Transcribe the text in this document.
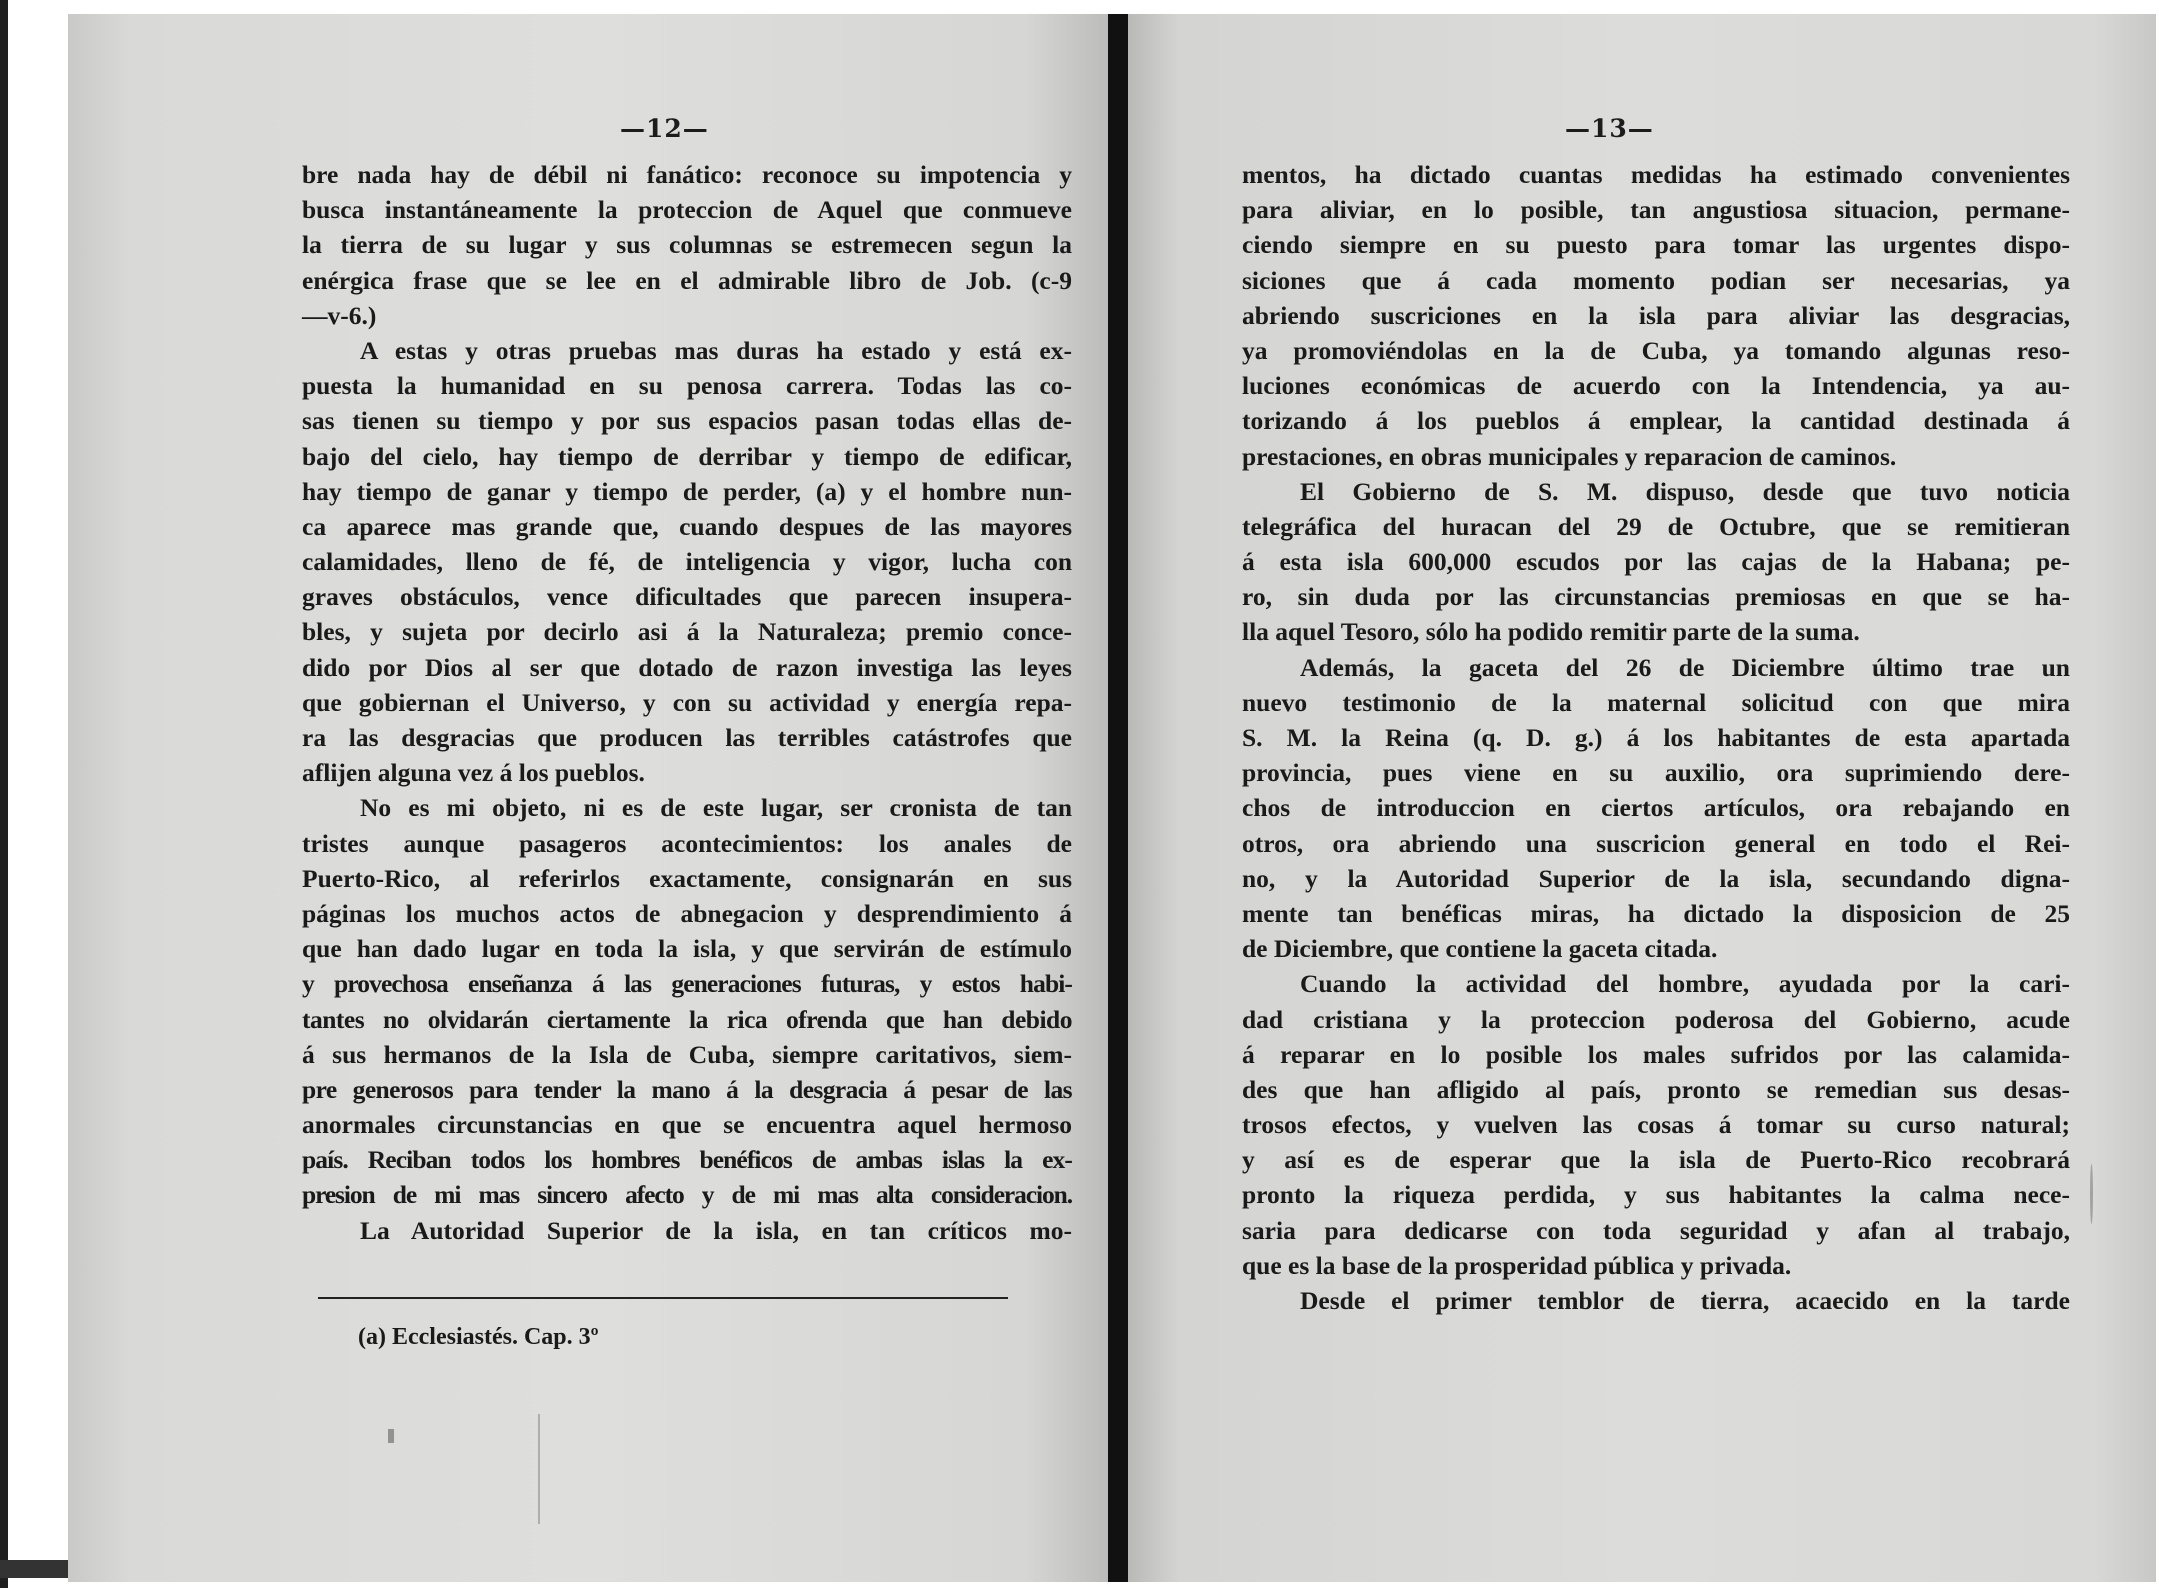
—12—
bre nada hay de débil ni fanático: reconoce su impotencia y
busca instantáneamente la proteccion de Aquel que conmueve
la tierra de su lugar y sus columnas se estremecen segun la
enérgica frase que se lee en el admirable libro de Job. (c-9
—v-6.)
A estas y otras pruebas mas duras ha estado y está ex-
puesta la humanidad en su penosa carrera. Todas las co-
sas tienen su tiempo y por sus espacios pasan todas ellas de-
bajo del cielo, hay tiempo de derribar y tiempo de edificar,
hay tiempo de ganar y tiempo de perder, (a) y el hombre nun-
ca aparece mas grande que, cuando despues de las mayores
calamidades, lleno de fé, de inteligencia y vigor, lucha con
graves obstáculos, vence dificultades que parecen insupera-
bles, y sujeta por decirlo asi á la Naturaleza; premio conce-
dido por Dios al ser que dotado de razon investiga las leyes
que gobiernan el Universo, y con su actividad y energía repa-
ra las desgracias que producen las terribles catástrofes que
aflijen alguna vez á los pueblos.
No es mi objeto, ni es de este lugar, ser cronista de tan
tristes aunque pasageros acontecimientos: los anales de
Puerto-Rico, al referirlos exactamente, consignarán en sus
páginas los muchos actos de abnegacion y desprendimiento á
que han dado lugar en toda la isla, y que servirán de estímulo
y provechosa enseñanza á las generaciones futuras, y estos habi-
tantes no olvidarán ciertamente la rica ofrenda que han debido
á sus hermanos de la Isla de Cuba, siempre caritativos, siem-
pre generosos para tender la mano á la desgracia á pesar de las
anormales circunstancias en que se encuentra aquel hermoso
país. Reciban todos los hombres benéficos de ambas islas la ex-
presion de mi mas sincero afecto y de mi mas alta consideracion.
La Autoridad Superior de la isla, en tan críticos mo-
(a) Ecclesiastés. Cap. 3º
—13—
mentos, ha dictado cuantas medidas ha estimado convenientes
para aliviar, en lo posible, tan angustiosa situacion, permane-
ciendo siempre en su puesto para tomar las urgentes dispo-
siciones que á cada momento podian ser necesarias, ya
abriendo suscriciones en la isla para aliviar las desgracias,
ya promoviéndolas en la de Cuba, ya tomando algunas reso-
luciones económicas de acuerdo con la Intendencia, ya au-
torizando á los pueblos á emplear, la cantidad destinada á
prestaciones, en obras municipales y reparacion de caminos.
El Gobierno de S. M. dispuso, desde que tuvo noticia
telegráfica del huracan del 29 de Octubre, que se remitieran
á esta isla 600,000 escudos por las cajas de la Habana; pe-
ro, sin duda por las circunstancias premiosas en que se ha-
lla aquel Tesoro, sólo ha podido remitir parte de la suma.
Además, la gaceta del 26 de Diciembre último trae un
nuevo testimonio de la maternal solicitud con que mira
S. M. la Reina (q. D. g.) á los habitantes de esta apartada
provincia, pues viene en su auxilio, ora suprimiendo dere-
chos de introduccion en ciertos artículos, ora rebajando en
otros, ora abriendo una suscricion general en todo el Rei-
no, y la Autoridad Superior de la isla, secundando digna-
mente tan benéficas miras, ha dictado la disposicion de 25
de Diciembre, que contiene la gaceta citada.
Cuando la actividad del hombre, ayudada por la cari-
dad cristiana y la proteccion poderosa del Gobierno, acude
á reparar en lo posible los males sufridos por las calamida-
des que han afligido al país, pronto se remedian sus desas-
trosos efectos, y vuelven las cosas á tomar su curso natural;
y así es de esperar que la isla de Puerto-Rico recobrará
pronto la riqueza perdida, y sus habitantes la calma nece-
saria para dedicarse con toda seguridad y afan al trabajo,
que es la base de la prosperidad pública y privada.
Desde el primer temblor de tierra, acaecido en la tarde
